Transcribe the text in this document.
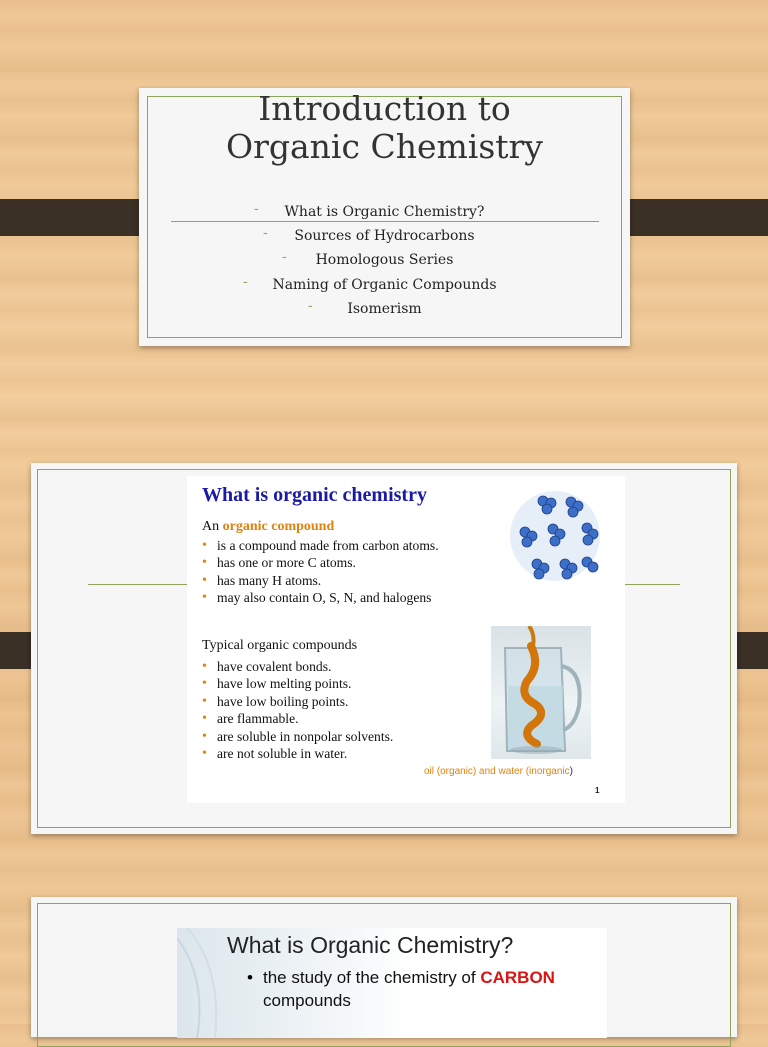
Introduction to
Organic Chemistry
- What is Organic Chemistry?
- Sources of Hydrocarbons
- Homologous Series
- Naming of Organic Compounds
- Isomerism
What is organic chemistry
An organic compound
• is a compound made from carbon atoms.
• has one or more C atoms.
• has many H atoms.
• may also contain O, S, N, and halogens
Typical organic compounds
• have covalent bonds.
• have low melting points.
• have low boiling points.
• are flammable.
• are soluble in nonpolar solvents.
• are not soluble in water.
oil (organic) and water (inorganic)
1
What is Organic Chemistry?
• the study of the chemistry of CARBON
compounds
